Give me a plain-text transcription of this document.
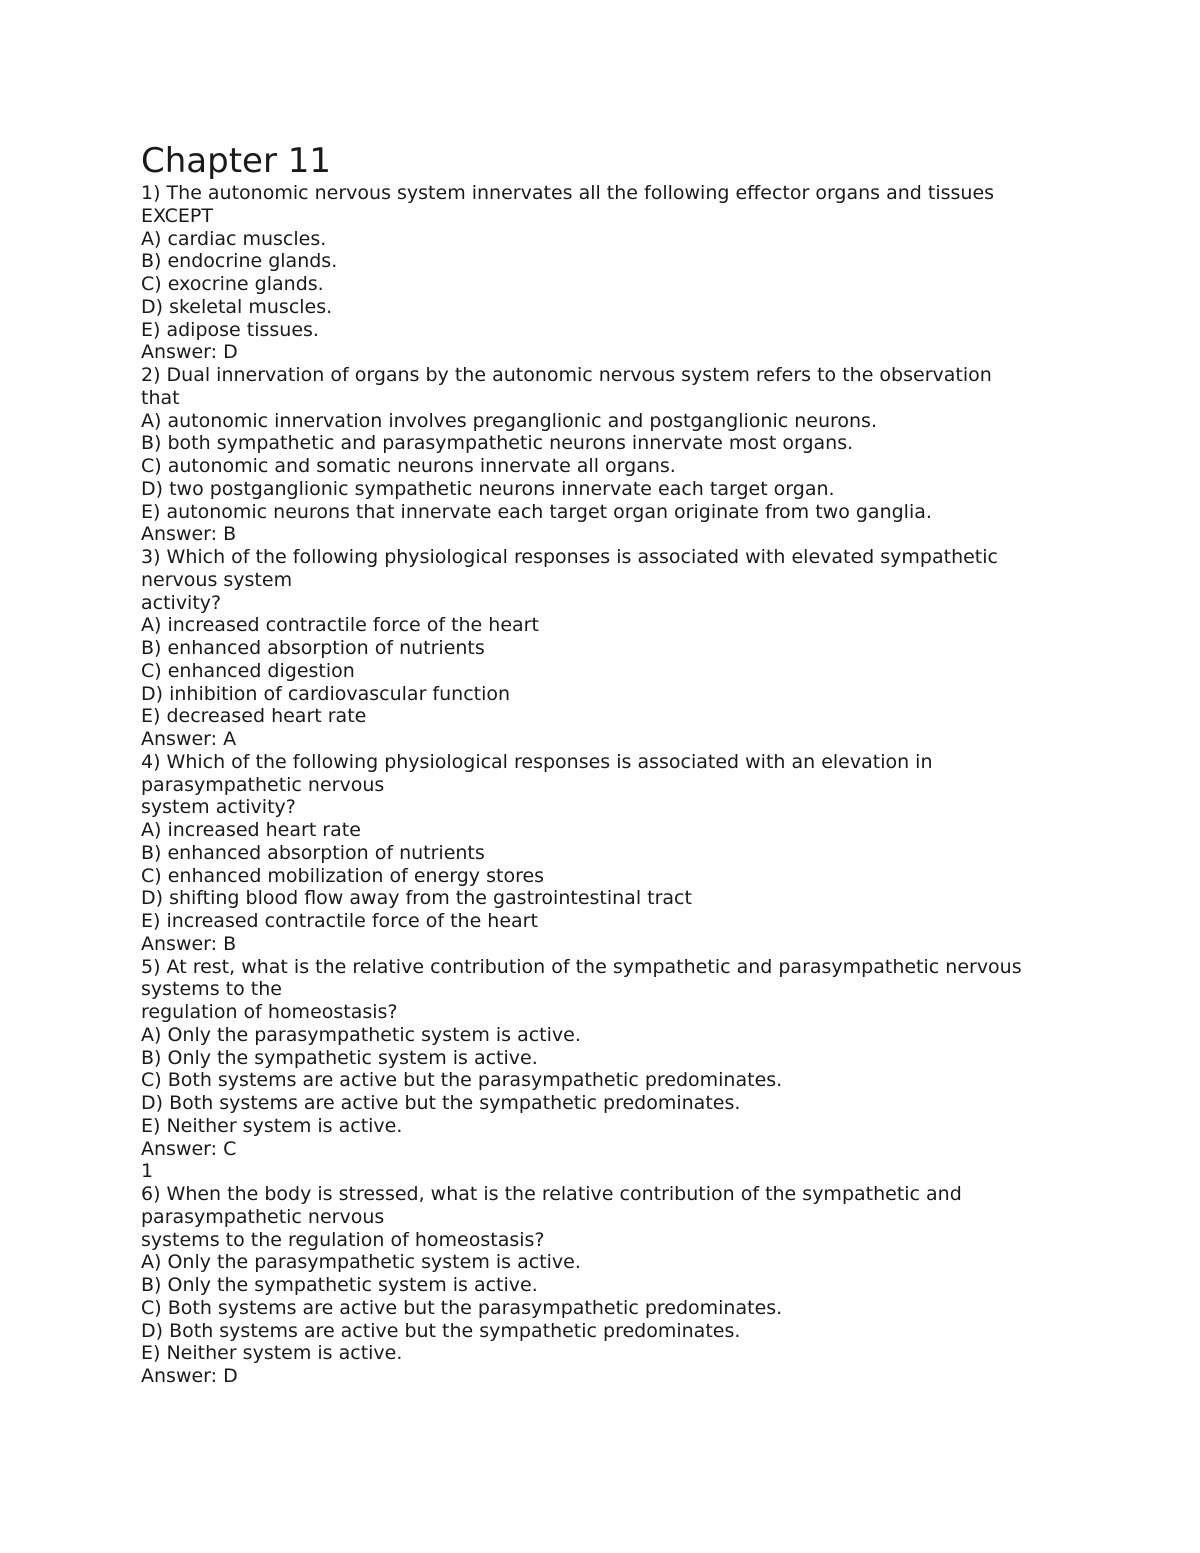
Chapter 11
1) The autonomic nervous system innervates all the following effector organs and tissues
EXCEPT
A) cardiac muscles.
B) endocrine glands.
C) exocrine glands.
D) skeletal muscles.
E) adipose tissues.
Answer: D
2) Dual innervation of organs by the autonomic nervous system refers to the observation
that
A) autonomic innervation involves preganglionic and postganglionic neurons.
B) both sympathetic and parasympathetic neurons innervate most organs.
C) autonomic and somatic neurons innervate all organs.
D) two postganglionic sympathetic neurons innervate each target organ.
E) autonomic neurons that innervate each target organ originate from two ganglia.
Answer: B
3) Which of the following physiological responses is associated with elevated sympathetic
nervous system
activity?
A) increased contractile force of the heart
B) enhanced absorption of nutrients
C) enhanced digestion
D) inhibition of cardiovascular function
E) decreased heart rate
Answer: A
4) Which of the following physiological responses is associated with an elevation in
parasympathetic nervous
system activity?
A) increased heart rate
B) enhanced absorption of nutrients
C) enhanced mobilization of energy stores
D) shifting blood flow away from the gastrointestinal tract
E) increased contractile force of the heart
Answer: B
5) At rest, what is the relative contribution of the sympathetic and parasympathetic nervous
systems to the
regulation of homeostasis?
A) Only the parasympathetic system is active.
B) Only the sympathetic system is active.
C) Both systems are active but the parasympathetic predominates.
D) Both systems are active but the sympathetic predominates.
E) Neither system is active.
Answer: C
1
6) When the body is stressed, what is the relative contribution of the sympathetic and
parasympathetic nervous
systems to the regulation of homeostasis?
A) Only the parasympathetic system is active.
B) Only the sympathetic system is active.
C) Both systems are active but the parasympathetic predominates.
D) Both systems are active but the sympathetic predominates.
E) Neither system is active.
Answer: D
